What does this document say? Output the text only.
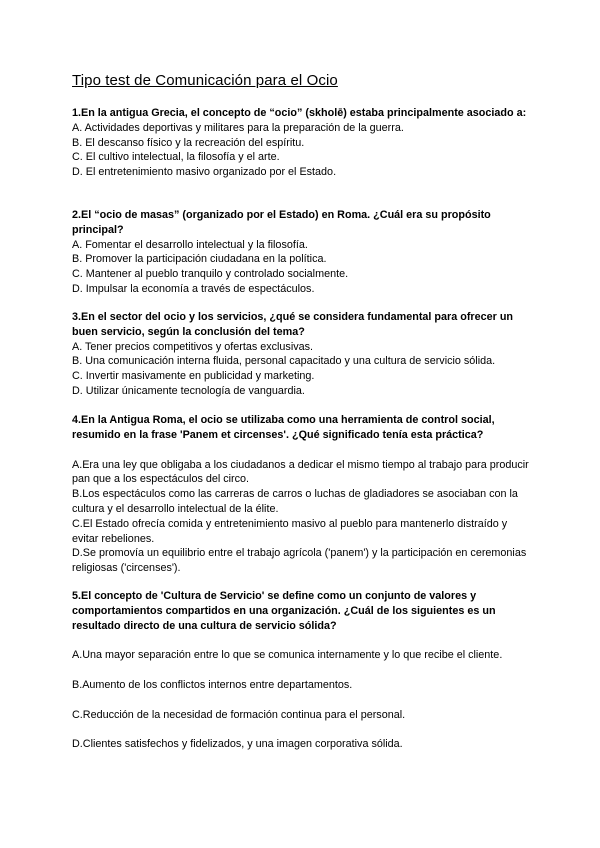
Tipo test de Comunicación para el Ocio

1.En la antigua Grecia, el concepto de “ocio” (skholē) estaba principalmente asociado a:

A. Actividades deportivas y militares para la preparación de la guerra.
B. El descanso físico y la recreación del espíritu.
C. El cultivo intelectual, la filosofía y el arte.
D. El entretenimiento masivo organizado por el Estado.

2.El “ocio de masas” (organizado por el Estado) en Roma. ¿Cuál era su propósito principal?

A. Fomentar el desarrollo intelectual y la filosofía.
B. Promover la participación ciudadana en la política.
C. Mantener al pueblo tranquilo y controlado socialmente.
D. Impulsar la economía a través de espectáculos.

3.En el sector del ocio y los servicios, ¿qué se considera fundamental para ofrecer un buen servicio, según la conclusión del tema?

A. Tener precios competitivos y ofertas exclusivas.
B. Una comunicación interna fluida, personal capacitado y una cultura de servicio sólida.
C. Invertir masivamente en publicidad y marketing.
D. Utilizar únicamente tecnología de vanguardia.

4.En la Antigua Roma, el ocio se utilizaba como una herramienta de control social, resumido en la frase 'Panem et circenses'. ¿Qué significado tenía esta práctica?

A.Era una ley que obligaba a los ciudadanos a dedicar el mismo tiempo al trabajo para producir pan que a los espectáculos del circo.
B.Los espectáculos como las carreras de carros o luchas de gladiadores se asociaban con la cultura y el desarrollo intelectual de la élite.
C.El Estado ofrecía comida y entretenimiento masivo al pueblo para mantenerlo distraído y evitar rebeliones.
D.Se promovía un equilibrio entre el trabajo agrícola ('panem') y la participación en ceremonias religiosas ('circenses').

5.El concepto de 'Cultura de Servicio' se define como un conjunto de valores y comportamientos compartidos en una organización. ¿Cuál de los siguientes es un resultado directo de una cultura de servicio sólida?

A.Una mayor separación entre lo que se comunica internamente y lo que recibe el cliente.
B.Aumento de los conflictos internos entre departamentos.
C.Reducción de la necesidad de formación continua para el personal.
D.Clientes satisfechos y fidelizados, y una imagen corporativa sólida.
